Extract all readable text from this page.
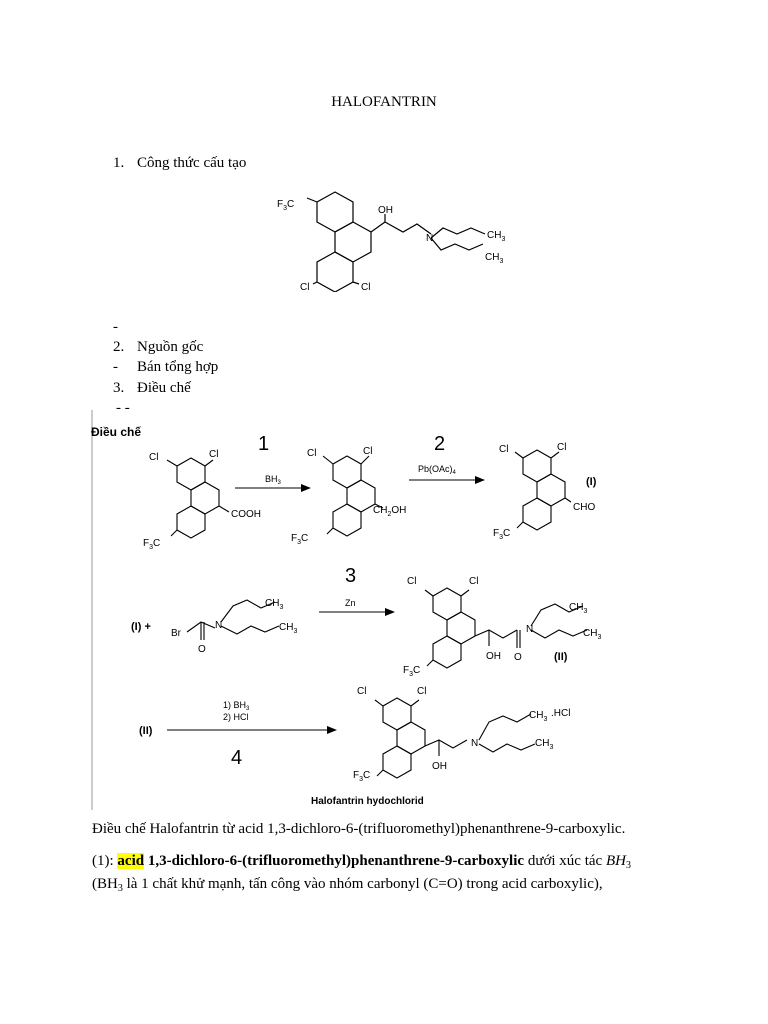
HALOFANTRIN
1. Công thức cấu tạo
$F_3C$
OH
N	$CH_3$
$CH_3$
Cl	Cl
-
2. Nguồn gốc
- Bán tổng hợp
3. Điều chế
- -
Điều chế
Cl	Cl
COOH
$F_3C$
1
$BH_3$
Cl	Cl
$CH_2OH$
$F_3C$
2
$Pb(OAc)_4$
Cl	Cl
CHO
(I)
$F_3C$
(I) +
Br
N
O
$CH_3$
$CH_3$
3
Zn
Cl	Cl
OH O
N
$CH_3$
$CH_3$
(II)
$F_3C$
(II)
1) $BH_3$
2) HCl
4
Cl	Cl
OH
N
$CH_3$
$CH_3$
.HCl
$F_3C$
Halofantrin hydochlorid
Điều chế Halofantrin từ acid 1,3-dichloro-6-(trifluoromethyl)phenanthrene-9-carboxylic.
(1): acid 1,3-dichloro-6-(trifluoromethyl)phenanthrene-9-carboxylic dưới xúc tác $BH_3$
($BH_3$ là 1 chất khử mạnh, tấn công vào nhóm carbonyl (C=O) trong acid carboxylic),
